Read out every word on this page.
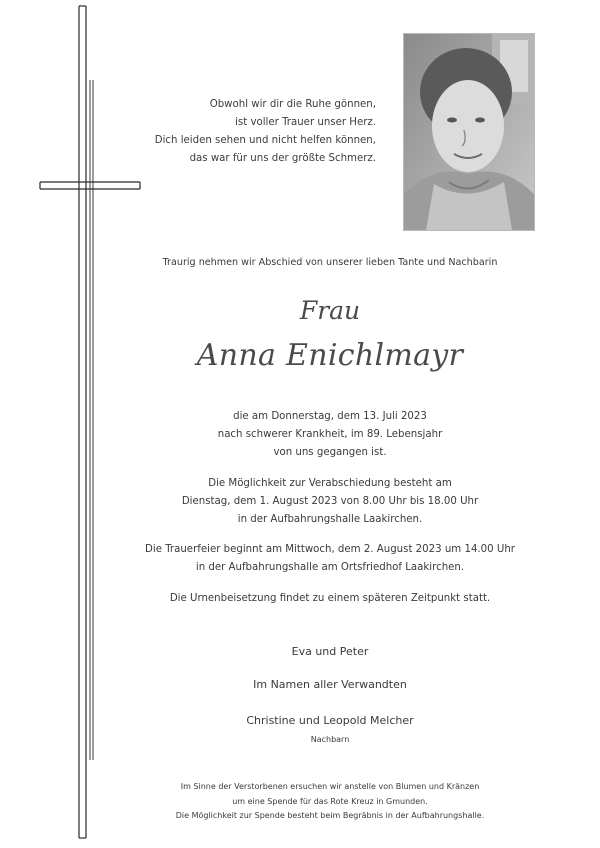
Obwohl wir dir die Ruhe gönnen,
ist voller Trauer unser Herz.
Dich leiden sehen und nicht helfen können,
das war für uns der größte Schmerz.
Traurig nehmen wir Abschied von unserer lieben Tante und Nachbarin
Frau
Anna Enichlmayr
die am Donnerstag, dem 13. Juli 2023
nach schwerer Krankheit, im 89. Lebensjahr
von uns gegangen ist.
Die Möglichkeit zur Verabschiedung besteht am
Dienstag, dem 1. August 2023 von 8.00 Uhr bis 18.00 Uhr
in der Aufbahrungshalle Laakirchen.
Die Trauerfeier beginnt am Mittwoch, dem 2. August 2023 um 14.00 Uhr
in der Aufbahrungshalle am Ortsfriedhof Laakirchen.
Die Urnenbeisetzung findet zu einem späteren Zeitpunkt statt.
Eva und Peter
Im Namen aller Verwandten
Christine und Leopold Melcher
Nachbarn
Im Sinne der Verstorbenen ersuchen wir anstelle von Blumen und Kränzen
um eine Spende für das Rote Kreuz in Gmunden.
Die Möglichkeit zur Spende besteht beim Begräbnis in der Aufbahrungshalle.
